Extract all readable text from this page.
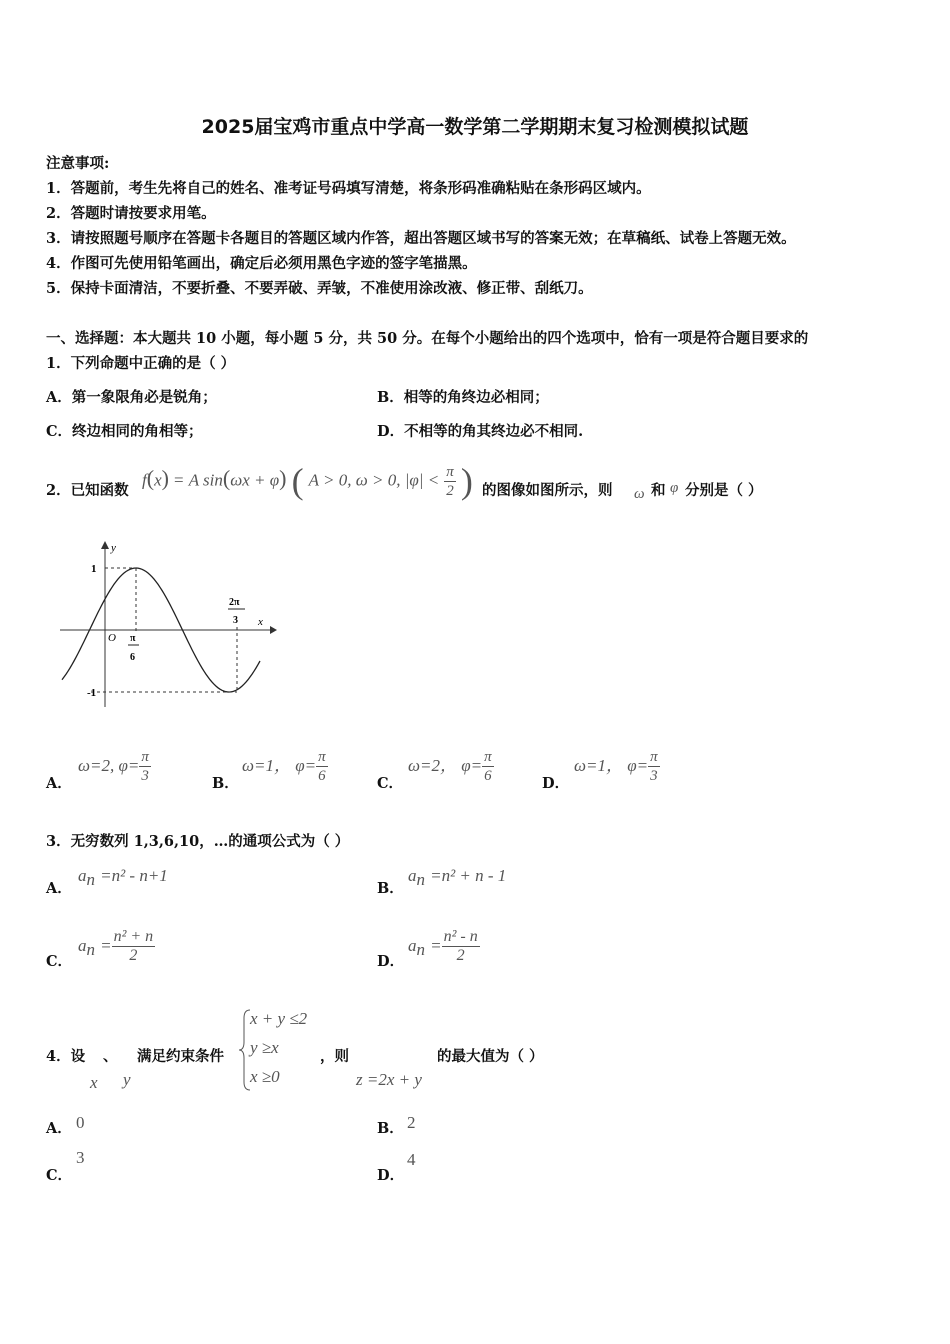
2025届宝鸡市重点中学高一数学第二学期期末复习检测模拟试题
注意事项:
1．答题前，考生先将自己的姓名、准考证号码填写清楚，将条形码准确粘贴在条形码区域内。
2．答题时请按要求用笔。
3．请按照题号顺序在答题卡各题目的答题区域内作答，超出答题区域书写的答案无效；在草稿纸、试卷上答题无效。
4．作图可先使用铅笔画出，确定后必须用黑色字迹的签字笔描黑。
5．保持卡面清洁，不要折叠、不要弄破、弄皱，不准使用涂改液、修正带、刮纸刀。
一、选择题：本大题共 10 小题，每小题 5 分，共 50 分。在每个小题给出的四个选项中，恰有一项是符合题目要求的
1．下列命题中正确的是（ ）
A．第一象限角必是锐角；	B．相等的角终边必相同；
C．终边相同的角相等；	D．不相等的角其终边必不相同.
2．已知函数
f(x) = A sin(ωx + φ) ( A > 0, ω > 0, $|\varphi| < \frac{\pi}{2}$ ) 的图像如图所示，则 ω 和 φ 分别是（ ）
y
x
O
1
-1
π
6
2π
3
A．
ω=2, $\varphi= \frac{\pi}{3}$	B．
ω=1， $\varphi= \frac{\pi}{6}$	C．
ω=2， $\varphi= \frac{\pi}{6}$	D．
ω=1， $\varphi= \frac{\pi}{3}$
3．无穷数列 1,3,6,10，…的通项公式为（ ）
A．
$a_n =n^2 - n+1$
B．
$a_n =n^2 + n - 1$
C．
$a_n = \frac{\text{n² + n}}{2}$	D．
$a_n = \frac{\text{n² - n}}{2}$
4．设 、 满足约束条件
x y
x + y ≤2
y ≥x
x ≥0
，则
z =2x + y
的最大值为（ ）
A． 0	B． 2
C．
3
D．
4
